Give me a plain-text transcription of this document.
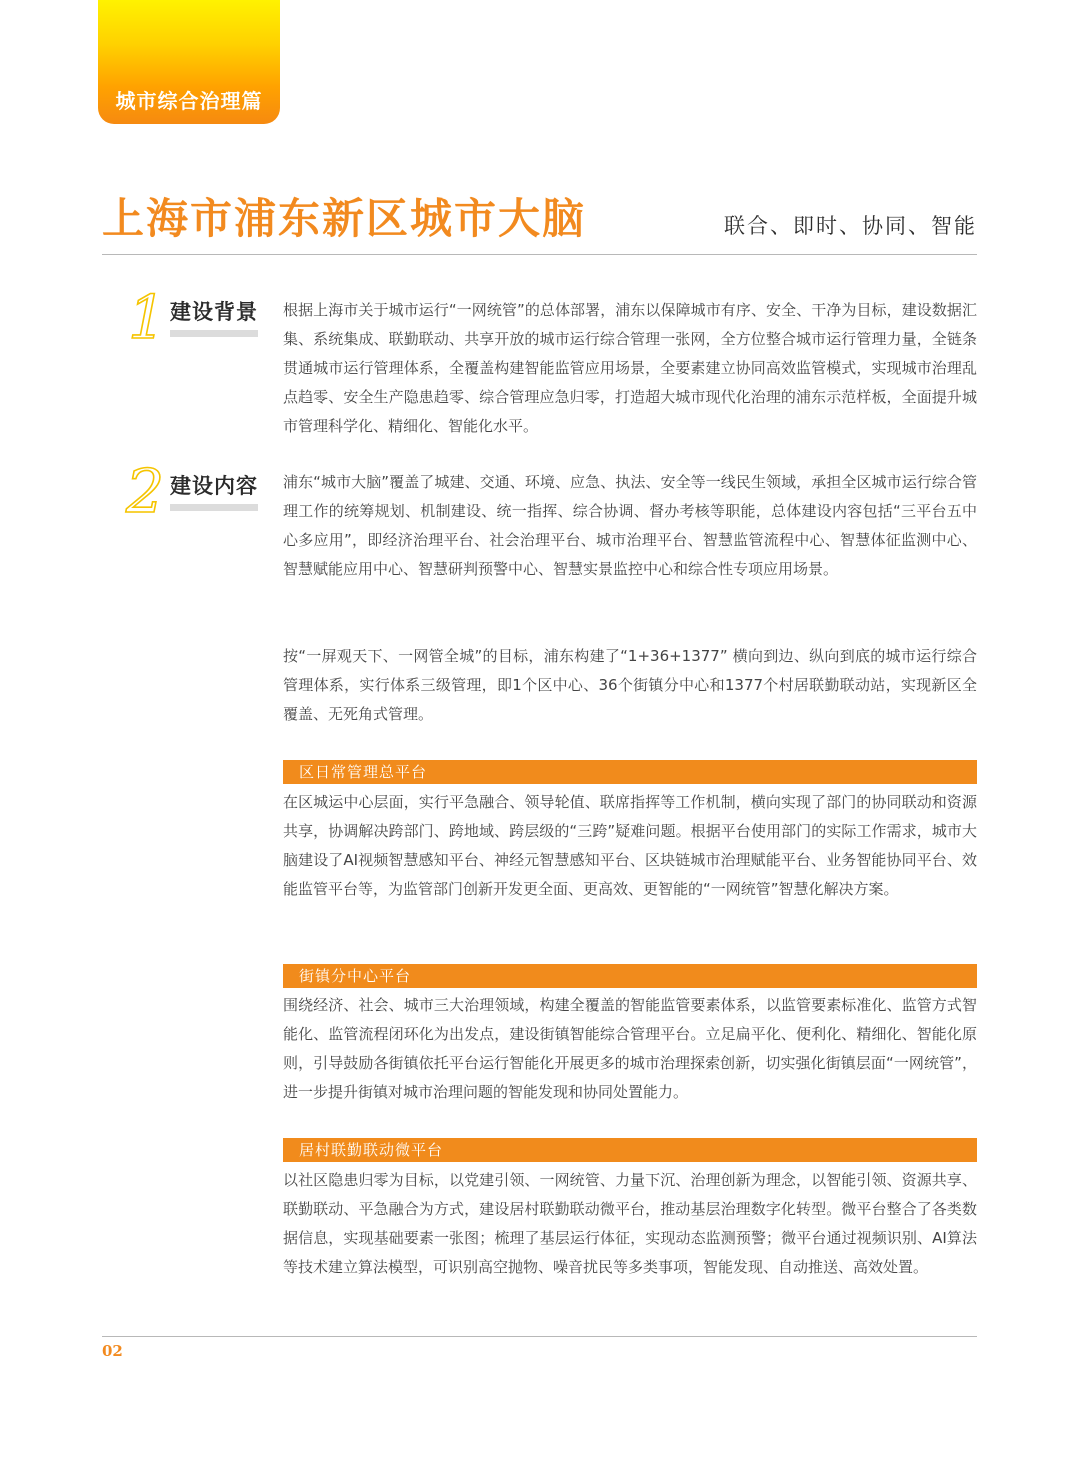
城市综合治理篇
上海市浦东新区城市大脑	联合、即时、协同、智能
1 建设背景 根据上海市关于城市运行“一网统管”的总体部署，浦东以保障城市有序、安全、干净为目标，建设数据汇集、系统集成、联勤联动、共享开放的城市运行综合管理一张网，全方位整合城市运行管理力量，全链条贯通城市运行管理体系，全覆盖构建智能监管应用场景，全要素建立协同高效监管模式，实现城市治理乱点趋零、安全生产隐患趋零、综合管理应急归零，打造超大城市现代化治理的浦东示范样板，全面提升城市管理科学化、精细化、智能化水平。

2 建设内容 浦东“城市大脑”覆盖了城建、交通、环境、应急、执法、安全等一线民生领域，承担全区城市运行综合管理工作的统筹规划、机制建设、统一指挥、综合协调、督办考核等职能，总体建设内容包括“三平台五中心多应用”，即经济治理平台、社会治理平台、城市治理平台、智慧监管流程中心、智慧体征监测中心、智慧赋能应用中心、智慧研判预警中心、智慧实景监控中心和综合性专项应用场景。

按“一屏观天下、一网管全城”的目标，浦东构建了“1+36+1377” 横向到边、纵向到底的城市运行综合管理体系，实行体系三级管理，即1个区中心、36个街镇分中心和1377个村居联勤联动站，实现新区全覆盖、无死角式管理。

区日常管理总平台

在区城运中心层面，实行平急融合、领导轮值、联席指挥等工作机制，横向实现了部门的协同联动和资源共享，协调解决跨部门、跨地域、跨层级的“三跨”疑难问题。根据平台使用部门的实际工作需求，城市大脑建设了AI视频智慧感知平台、神经元智慧感知平台、区块链城市治理赋能平台、业务智能协同平台、效能监管平台等，为监管部门创新开发更全面、更高效、更智能的“一网统管”智慧化解决方案。

街镇分中心平台

围绕经济、社会、城市三大治理领域，构建全覆盖的智能监管要素体系，以监管要素标准化、监管方式智能化、监管流程闭环化为出发点，建设街镇智能综合管理平台。立足扁平化、便利化、精细化、智能化原则，引导鼓励各街镇依托平台运行智能化开展更多的城市治理探索创新，切实强化街镇层面“一网统管”，进一步提升街镇对城市治理问题的智能发现和协同处置能力。

居村联勤联动微平台

以社区隐患归零为目标，以党建引领、一网统管、力量下沉、治理创新为理念，以智能引领、资源共享、联勤联动、平急融合为方式，建设居村联勤联动微平台，推动基层治理数字化转型。微平台整合了各类数据信息，实现基础要素一张图；梳理了基层运行体征，实现动态监测预警；微平台通过视频识别、AI算法等技术建立算法模型，可识别高空抛物、噪音扰民等多类事项，智能发现、自动推送、高效处置。

02
